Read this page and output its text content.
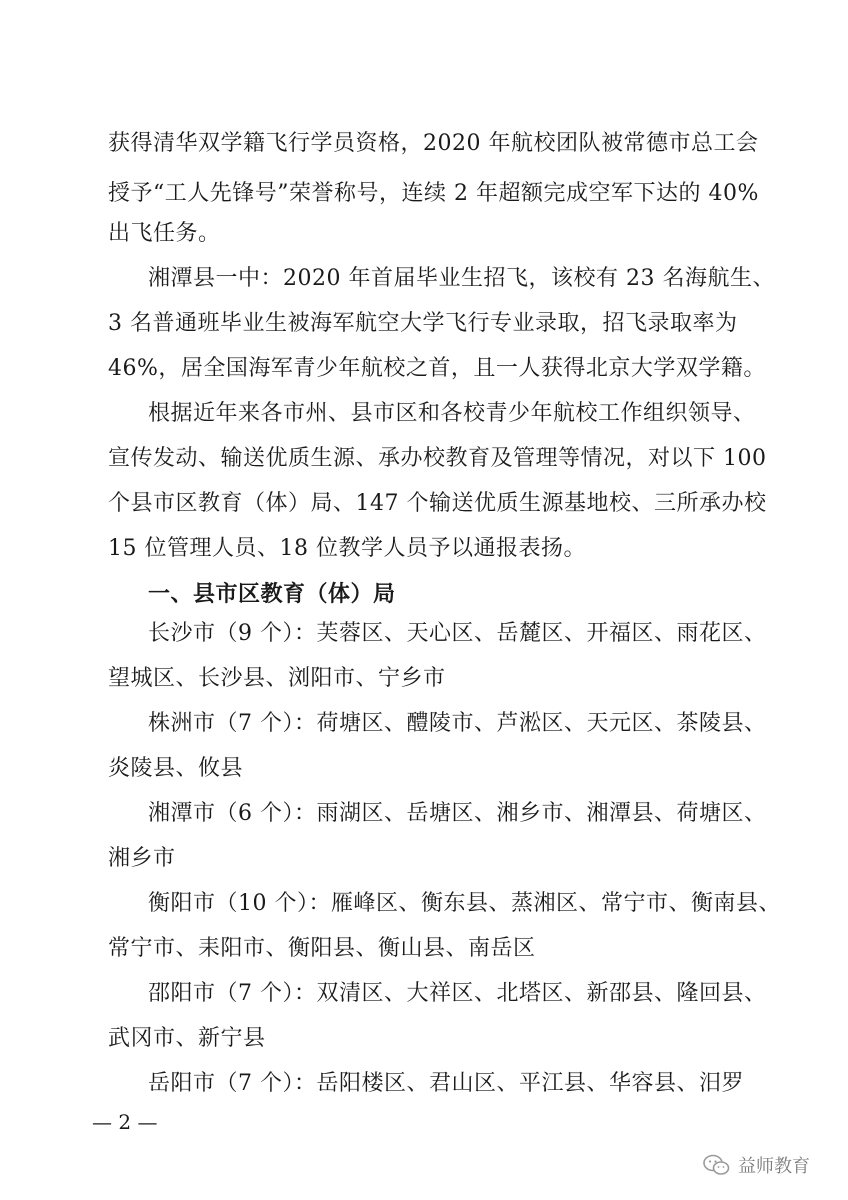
获得清华双学籍飞行学员资格，2020 年航校团队被常德市总工会
授予“工人先锋号”荣誉称号，连续 2 年超额完成空军下达的 40%
出飞任务。
湘潭县一中：2020 年首届毕业生招飞，该校有 23 名海航生、
3 名普通班毕业生被海军航空大学飞行专业录取，招飞录取率为
46%，居全国海军青少年航校之首，且一人获得北京大学双学籍。
根据近年来各市州、县市区和各校青少年航校工作组织领导、
宣传发动、输送优质生源、承办校教育及管理等情况，对以下 100
个县市区教育（体）局、147 个输送优质生源基地校、三所承办校
15 位管理人员、18 位教学人员予以通报表扬。
一、县市区教育（体）局
长沙市（9 个）：芙蓉区、天心区、岳麓区、开福区、雨花区、
望城区、长沙县、浏阳市、宁乡市
株洲市（7 个）：荷塘区、醴陵市、芦淞区、天元区、茶陵县、
炎陵县、攸县
湘潭市（6 个）：雨湖区、岳塘区、湘乡市、湘潭县、荷塘区、
湘乡市
衡阳市（10 个）：雁峰区、衡东县、蒸湘区、常宁市、衡南县、
常宁市、耒阳市、衡阳县、衡山县、南岳区
邵阳市（7 个）：双清区、大祥区、北塔区、新邵县、隆回县、
武冈市、新宁县
岳阳市（7 个）：岳阳楼区、君山区、平江县、华容县、汨罗
— 2 —
益师教育
